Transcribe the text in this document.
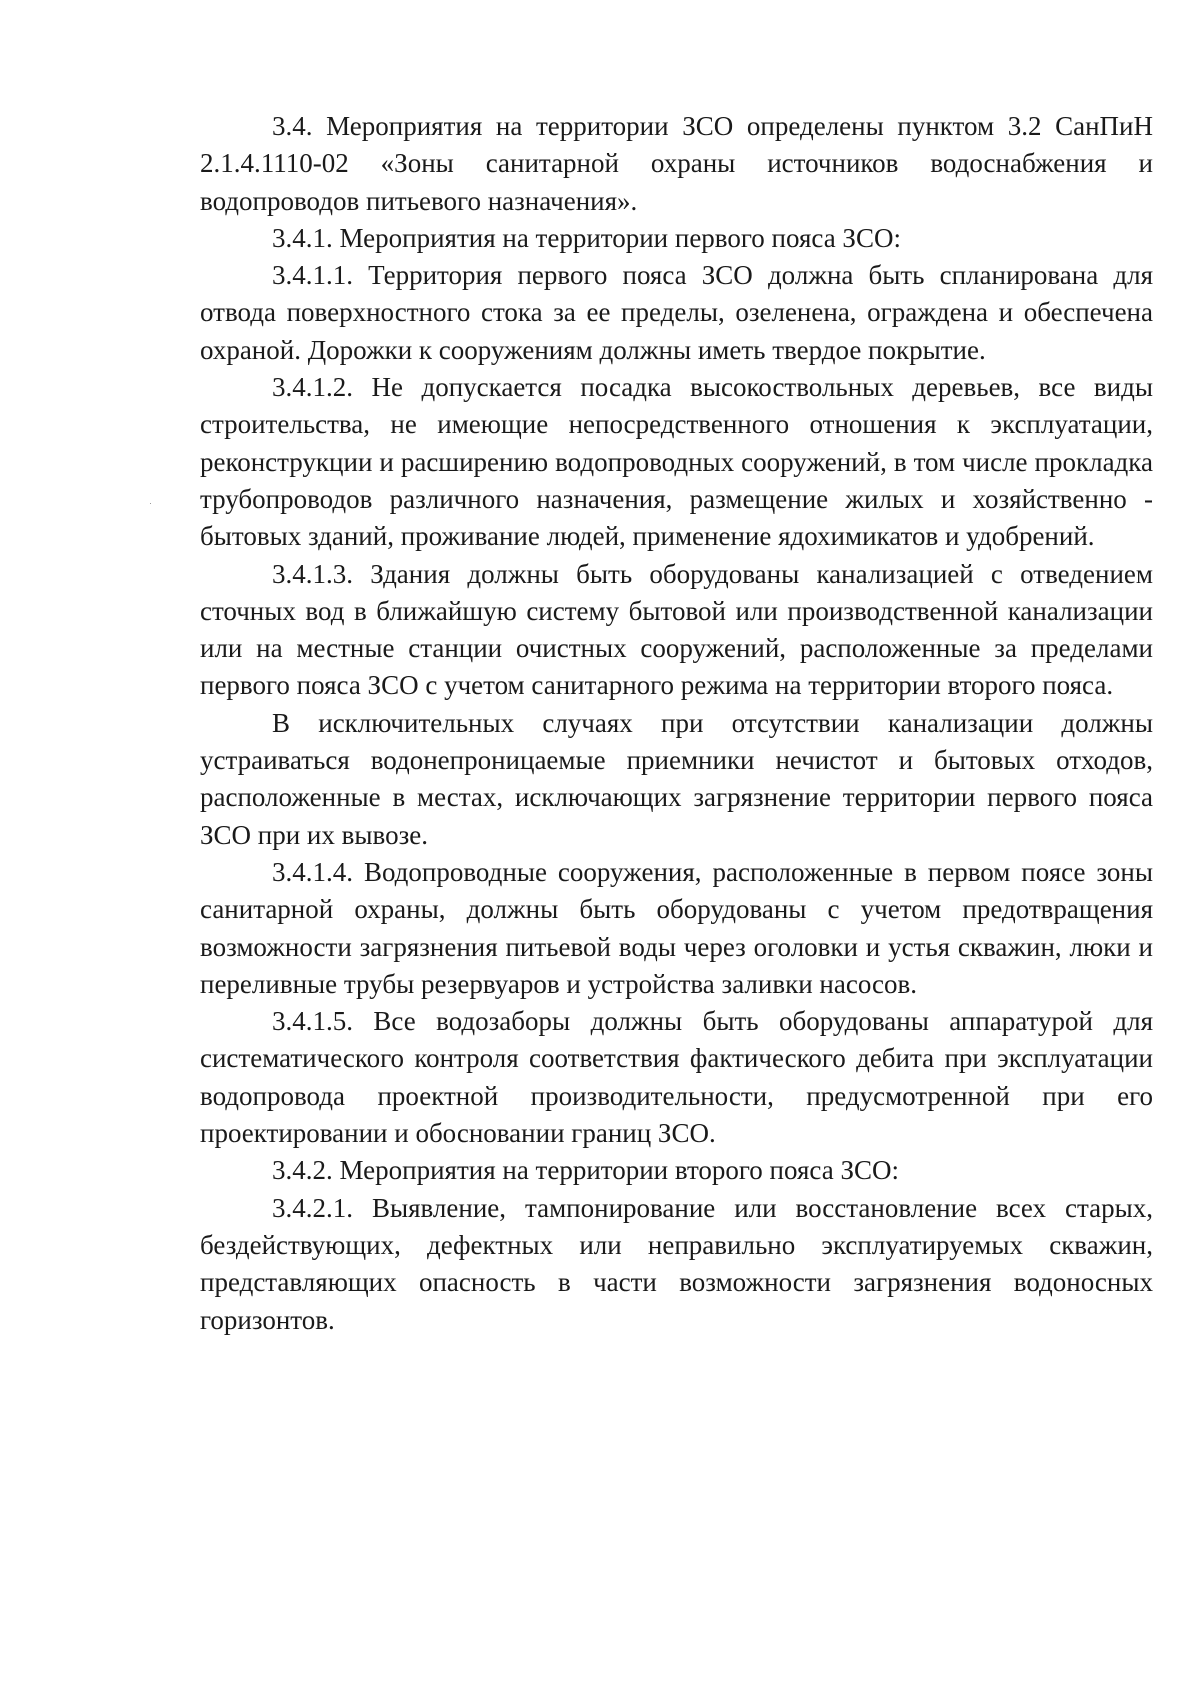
3.4. Мероприятия на территории ЗСО определены пунктом 3.2 СанПиН 2.1.4.1110-02 «Зоны санитарной охраны источников водоснабжения и водопроводов питьевого назначения».

3.4.1. Мероприятия на территории первого пояса ЗСО:

3.4.1.1. Территория первого пояса ЗСО должна быть спланирована для отвода поверхностного стока за ее пределы, озеленена, ограждена и обеспечена охраной. Дорожки к сооружениям должны иметь твердое покрытие.

3.4.1.2. Не допускается посадка высокоствольных деревьев, все виды строительства, не имеющие непосредственного отношения к эксплуатации, реконструкции и расширению водопроводных сооружений, в том числе прокладка трубопроводов различного назначения, размещение жилых и хозяйственно - бытовых зданий, проживание людей, применение ядохимикатов и удобрений.

3.4.1.3. Здания должны быть оборудованы канализацией с отведением сточных вод в ближайшую систему бытовой или производственной канализации или на местные станции очистных сооружений, расположенные за пределами первого пояса ЗСО с учетом санитарного режима на территории второго пояса.

В исключительных случаях при отсутствии канализации должны устраиваться водонепроницаемые приемники нечистот и бытовых отходов, расположенные в местах, исключающих загрязнение территории первого пояса ЗСО при их вывозе.

3.4.1.4. Водопроводные сооружения, расположенные в первом поясе зоны санитарной охраны, должны быть оборудованы с учетом предотвращения возможности загрязнения питьевой воды через оголовки и устья скважин, люки и переливные трубы резервуаров и устройства заливки насосов.

3.4.1.5. Все водозаборы должны быть оборудованы аппаратурой для систематического контроля соответствия фактического дебита при эксплуатации водопровода проектной производительности, предусмотренной при его проектировании и обосновании границ ЗСО.

3.4.2. Мероприятия на территории второго пояса ЗСО:

3.4.2.1. Выявление, тампонирование или восстановление всех старых, бездействующих, дефектных или неправильно эксплуатируемых скважин, представляющих опасность в части возможности загрязнения водоносных горизонтов.
